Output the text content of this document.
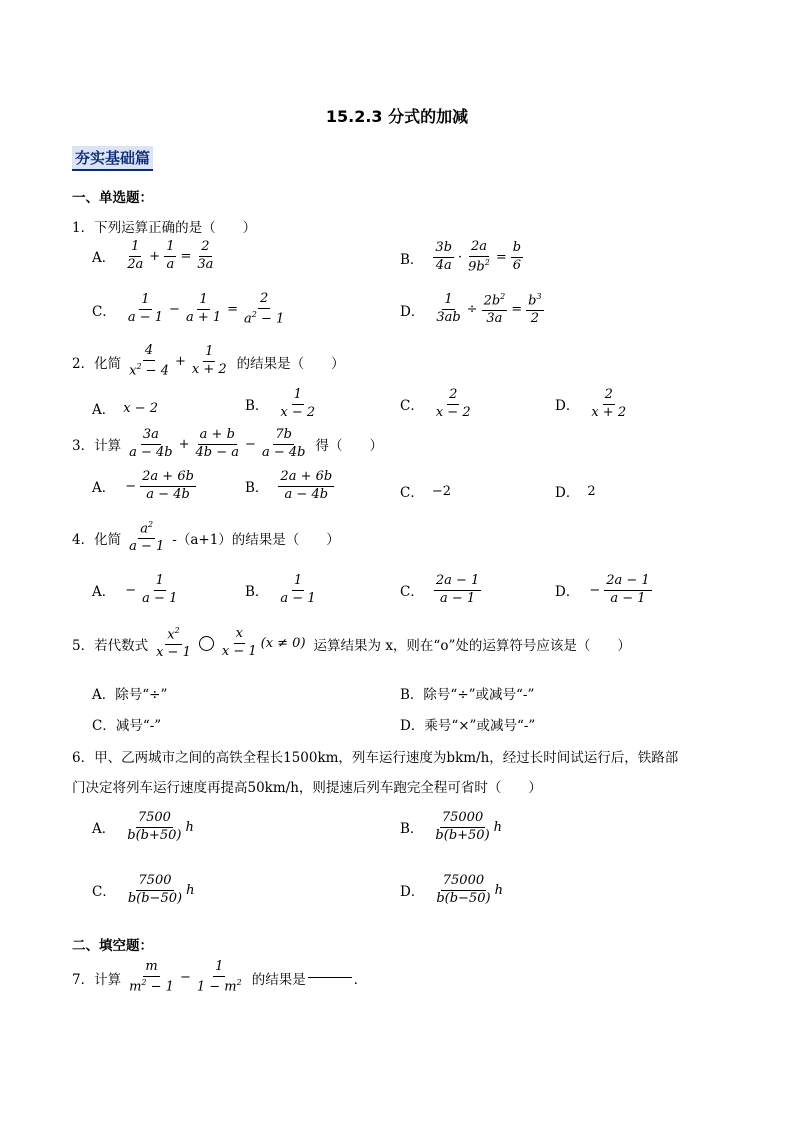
15.2.3 分式的加减
夯实基础篇
一、单选题：
1．下列运算正确的是（　　）
A． $\frac{1}{2a} + \frac{1}{a} = \frac{2}{3a}$	B． $\frac{3b}{4a} \cdot \frac{2a}{9b^2} = \frac{b}{6}$
C． $\frac{1}{a - 1} - \frac{1}{a + 1} = \frac{2}{a^2 - 1}$	D． $\frac{1}{3ab} \div \frac{2b^2}{3a} = \frac{b^3}{2}$
2．化简 $\frac{4}{x^2 - 4} + \frac{1}{x + 2}$ 的结果是（　　）
A． x − 2	B． $\frac{1}{x - 2}$	C． $\frac{2}{x - 2}$	D． $\frac{2}{x + 2}$
3．计算 $\frac{3a}{a - 4b} + \frac{a + b}{4b - a} - \frac{7b}{a - 4b}$ 得（　　）
A． − $\frac{2a + 6b}{a - 4b}$	B． $\frac{2a + 6b}{a - 4b}$	C． −2	D． 2
4．化简 $\frac{a^2}{a - 1} -(a+1)$的结果是（　　）
A． − $\frac{1}{a - 1}$	B． $\frac{1}{a - 1}$	C． $\frac{2a - 1}{a - 1}$	D． − $\frac{2a - 1}{a - 1}$
5．若代数式 $\frac{x^2}{x - 1} \frac{x}{x - 1} (x \ne 0)$ 运算结果为 x，则在“o”处的运算符号应该是（　　）
A．除号“÷”	B．除号“÷”或减号“-”
C．减号“-”	D．乘号“×”或减号“-”
6．甲、乙两城市之间的高铁全程长1500km，列车运行速度为bkm/h，经过长时间试运行后，铁路部
门决定将列车运行速度再提高50km/h，则提速后列车跑完全程可省时（　　）
A． $\frac{7500}{b(b+50)}$ h	B． $\frac{75000}{b(b+50)}$ h
C． $\frac{7500}{b(b-50)}$ h	D． $\frac{75000}{b(b-50)}$ h
二、填空题：
7．计算 $\frac{m}{m^2 - 1} - \frac{1}{1 - m^2}$ 的结果是	．
